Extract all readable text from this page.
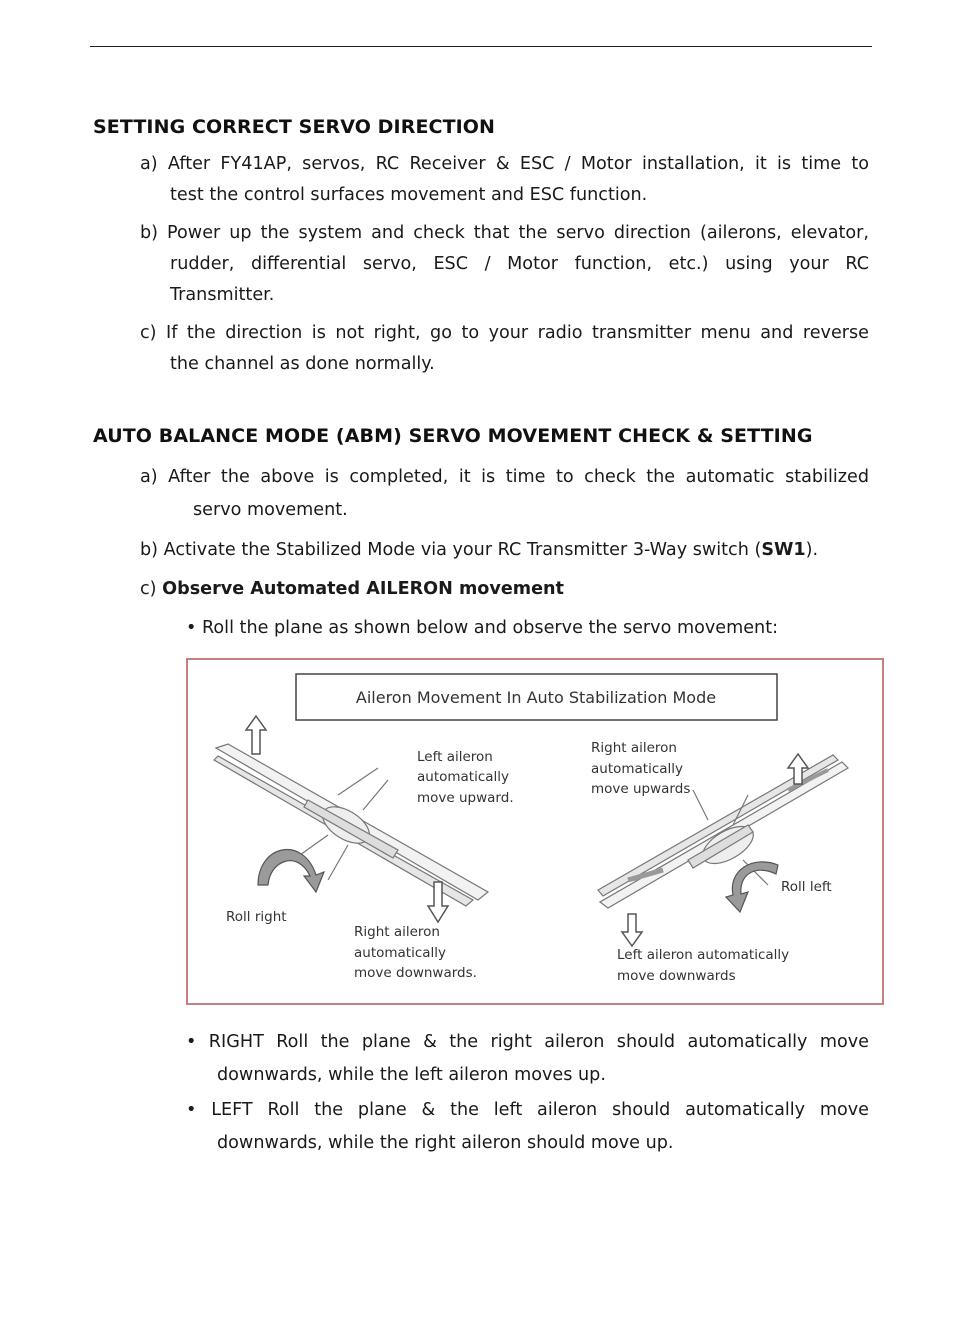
SETTING CORRECT SERVO DIRECTION
a) After FY41AP, servos, RC Receiver & ESC / Motor installation, it is time to
test the control surfaces movement and ESC function.
b) Power up the system and check that the servo direction (ailerons, elevator,
rudder, differential servo, ESC / Motor function, etc.) using your RC
Transmitter.
c) If the direction is not right, go to your radio transmitter menu and reverse
the channel as done normally.
AUTO BALANCE MODE (ABM) SERVO MOVEMENT CHECK & SETTING
a) After the above is completed, it is time to check the automatic stabilized
servo movement.
b) Activate the Stabilized Mode via your RC Transmitter 3-Way switch (SW1).
c) Observe Automated AILERON movement
• Roll the plane as shown below and observe the servo movement:
Aileron Movement In Auto Stabilization Mode
Left aileron
automatically
move upward.
Roll right
Right aileron
automatically
move downwards.
Right aileron
automatically
move upwards
Roll left
Left aileron automatically
move downwards
• RIGHT Roll the plane & the right aileron should automatically move
downwards, while the left aileron moves up.
• LEFT Roll the plane & the left aileron should automatically move
downwards, while the right aileron should move up.
